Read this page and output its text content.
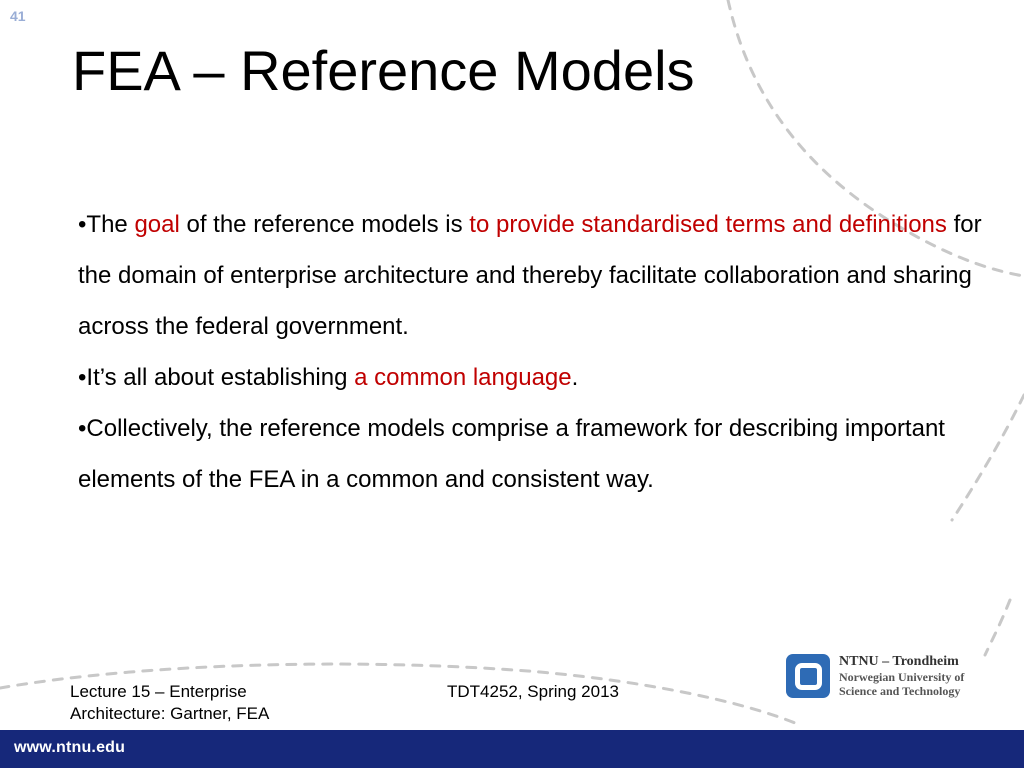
41
FEA – Reference Models

•The goal of the reference models is to provide standardised terms and definitions for the domain of enterprise architecture and thereby facilitate collaboration and sharing across the federal government.

•It’s all about establishing a common language.

•Collectively, the reference models comprise a framework for describing important elements of the FEA in a common and consistent way.

Lecture 15 – Enterprise
Architecture: Gartner, FEA
TDT4252, Spring 2013
NTNU – Trondheim
Norwegian University of
Science and Technology
www.ntnu.edu
